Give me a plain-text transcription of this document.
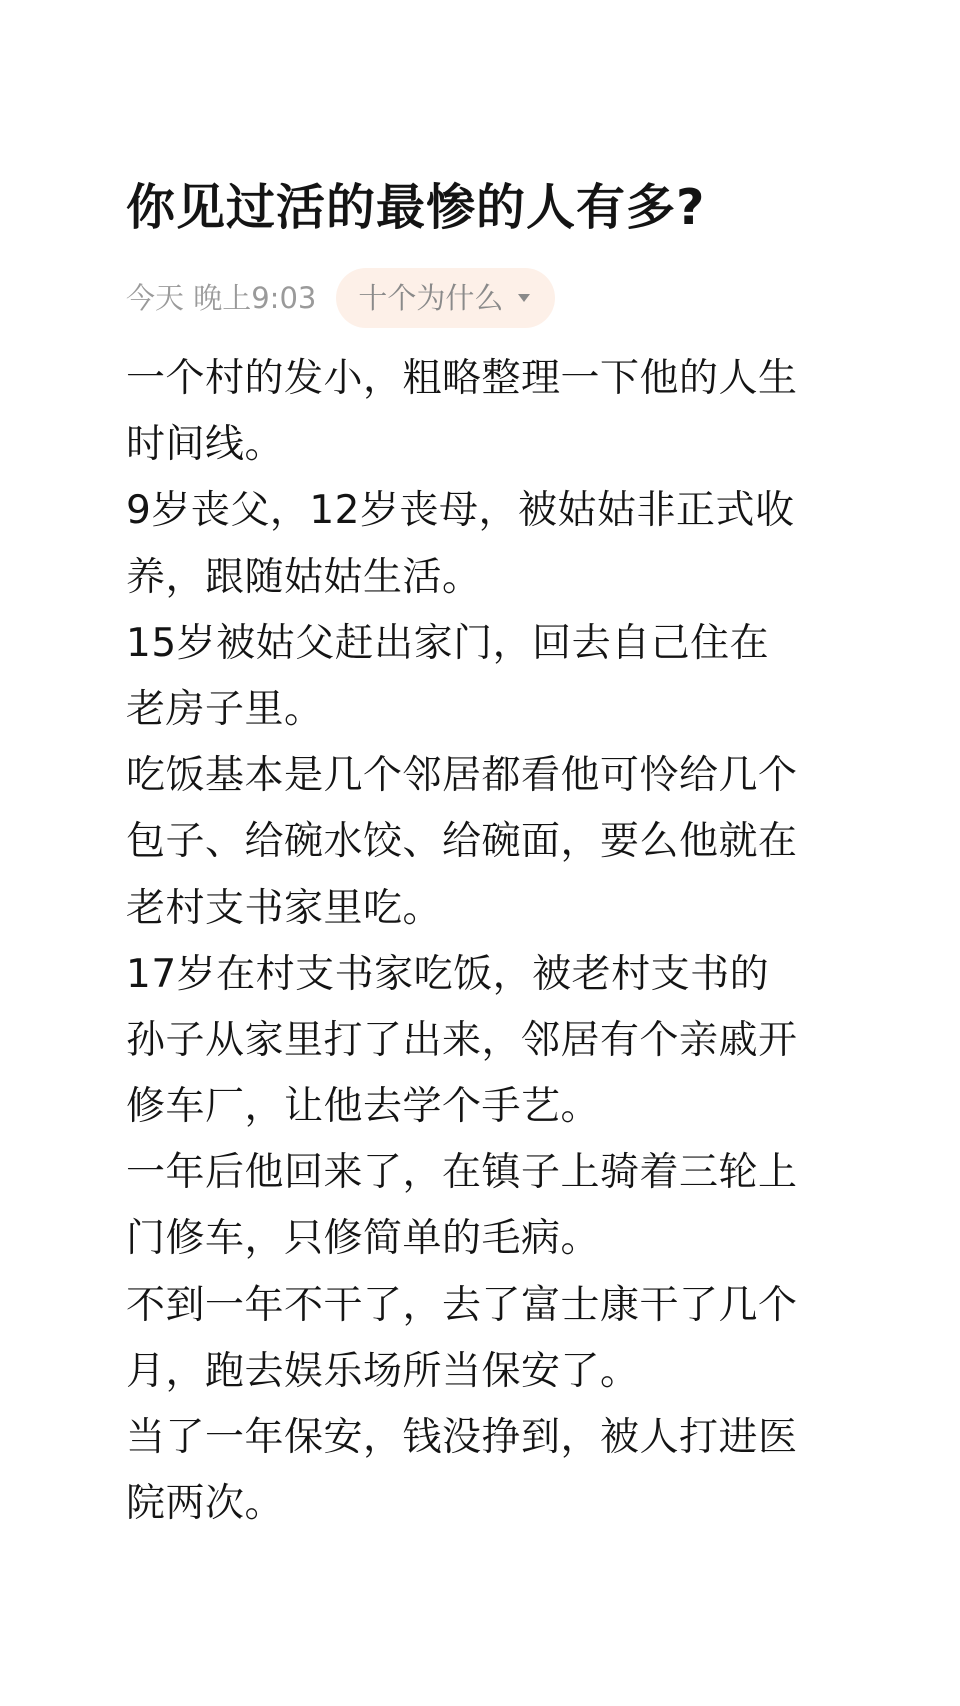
你见过活的最惨的人有多?
今天 晚上9:03 十个为什么
一个村的发小，粗略整理一下他的人生
时间线。
9岁丧父，12岁丧母，被姑姑非正式收
养，跟随姑姑生活。
15岁被姑父赶出家门，回去自己住在
老房子里。
吃饭基本是几个邻居都看他可怜给几个
包子、给碗水饺、给碗面，要么他就在
老村支书家里吃。
17岁在村支书家吃饭，被老村支书的
孙子从家里打了出来，邻居有个亲戚开
修车厂，让他去学个手艺。
一年后他回来了，在镇子上骑着三轮上
门修车，只修简单的毛病。
不到一年不干了，去了富士康干了几个
月，跑去娱乐场所当保安了。
当了一年保安，钱没挣到，被人打进医
院两次。
